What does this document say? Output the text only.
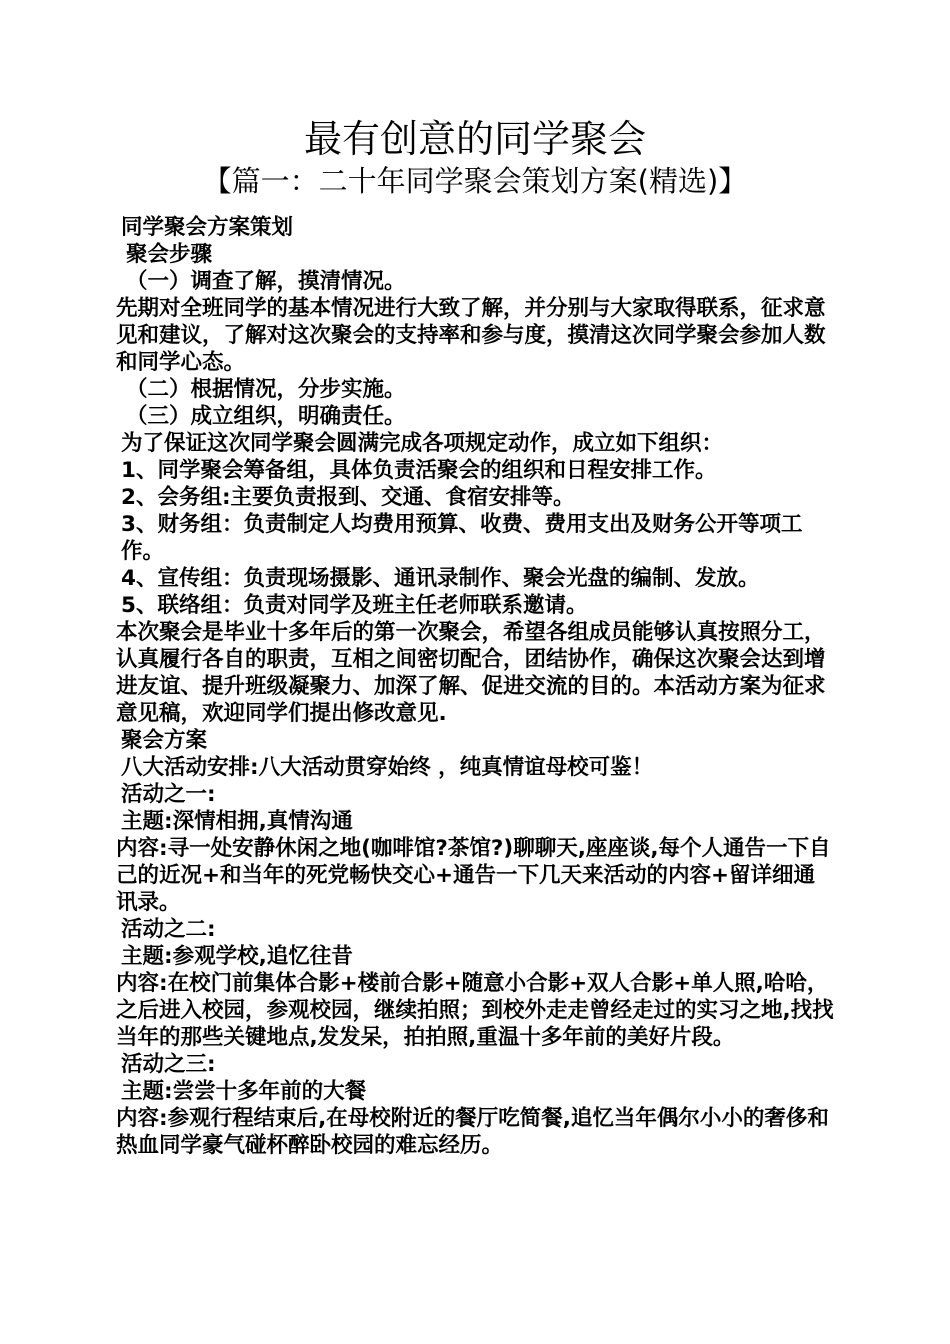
最有创意的同学聚会
【篇一：二十年同学聚会策划方案(精选)】

同学聚会方案策划

聚会步骤

（一）调查了解，摸清情况。

先期对全班同学的基本情况进行大致了解，并分别与大家取得联系，征求意见和建议，了解对这次聚会的支持率和参与度，摸清这次同学聚会参加人数和同学心态。

（二）根据情况，分步实施。

（三）成立组织，明确责任。

为了保证这次同学聚会圆满完成各项规定动作，成立如下组织：

1、同学聚会筹备组，具体负责活聚会的组织和日程安排工作。

2、会务组:主要负责报到、交通、食宿安排等。

3、财务组：负责制定人均费用预算、收费、费用支出及财务公开等项工作。

4、宣传组：负责现场摄影、通讯录制作、聚会光盘的编制、发放。

5、联络组：负责对同学及班主任老师联系邀请。

本次聚会是毕业十多年后的第一次聚会，希望各组成员能够认真按照分工，认真履行各自的职责，互相之间密切配合，团结协作，确保这次聚会达到增进友谊、提升班级凝聚力、加深了解、促进交流的目的。本活动方案为征求意见稿，欢迎同学们提出修改意见.

聚会方案

八大活动安排:八大活动贯穿始终 ，纯真情谊母校可鉴！

活动之一:

主题:深情相拥,真情沟通

内容:寻一处安静休闲之地(咖啡馆?茶馆?)聊聊天,座座谈,每个人通告一下自己的近况+和当年的死党畅快交心+通告一下几天来活动的内容+留详细通讯录。

活动之二:

主题:参观学校,追忆往昔

内容:在校门前集体合影+楼前合影+随意小合影+双人合影+单人照,哈哈，之后进入校园，参观校园，继续拍照；到校外走走曾经走过的实习之地,找找当年的那些关键地点,发发呆，拍拍照,重温十多年前的美好片段。

活动之三:

主题:尝尝十多年前的大餐

内容:参观行程结束后,在母校附近的餐厅吃简餐,追忆当年偶尔小小的奢侈和热血同学豪气碰杯醉卧校园的难忘经历。
